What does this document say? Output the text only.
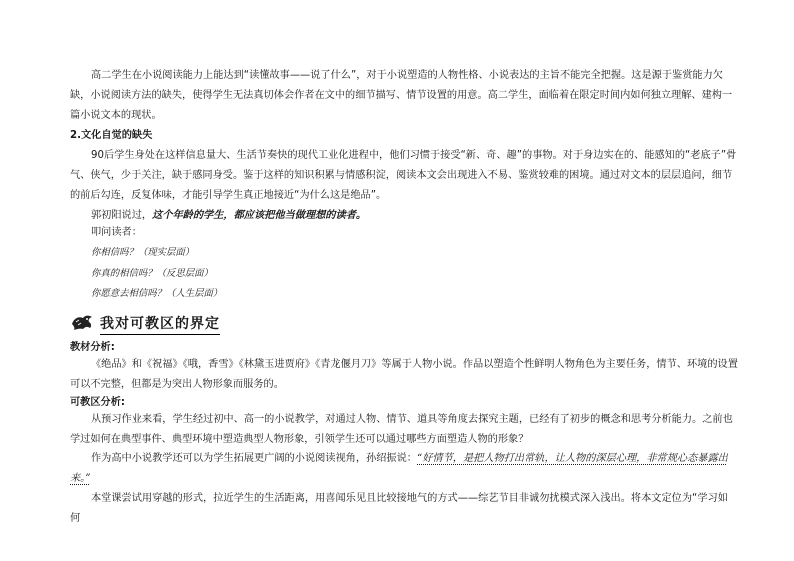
高二学生在小说阅读能力上能达到“读懂故事——说了什么”，对于小说塑造的人物性格、小说表达的主旨不能完全把握。这是源于鉴赏能力欠缺，小说阅读方法的缺失，使得学生无法真切体会作者在文中的细节描写、情节设置的用意。高二学生，面临着在限定时间内如何独立理解、建构一篇小说文本的现状。

2.文化自觉的缺失

90后学生身处在这样信息量大、生活节奏快的现代工业化进程中，他们习惯于接受“新、奇、趣”的事物。对于身边实在的、能感知的“老底子”骨气、侠气，少于关注，缺于感同身受。鉴于这样的知识积累与情感积淀，阅读本文会出现进入不易、鉴赏较难的困境。通过对文本的层层追问，细节的前后勾连，反复体味，才能引导学生真正地接近“为什么这是绝品”。

郭初阳说过，这个年龄的学生，都应该把他当做理想的读者。

叩问读者：

你相信吗？（现实层面）
你真的相信吗？（反思层面）
你愿意去相信吗？（人生层面）
我对可教区的界定
教材分析:

《绝品》和《祝福》《哦，香雪》《林黛玉进贾府》《青龙偃月刀》等属于人物小说。作品以塑造个性鲜明人物角色为主要任务，情节、环境的设置可以不完整，但都是为突出人物形象而服务的。

可教区分析:

从预习作业来看，学生经过初中、高一的小说教学，对通过人物、情节、道具等角度去探究主题，已经有了初步的概念和思考分析能力。之前也学过如何在典型事件、典型环境中塑造典型人物形象，引领学生还可以通过哪些方面塑造人物的形象？

作为高中小说教学还可以为学生拓展更广阔的小说阅读视角，孙绍振说：“好情节，是把人物打出常轨，让人物的深层心理，非常规心态暴露出来。”

本堂课尝试用穿越的形式，拉近学生的生活距离，用喜闻乐见且比较接地气的方式——综艺节目非诚勿扰模式深入浅出。将本文定位为“学习如何
